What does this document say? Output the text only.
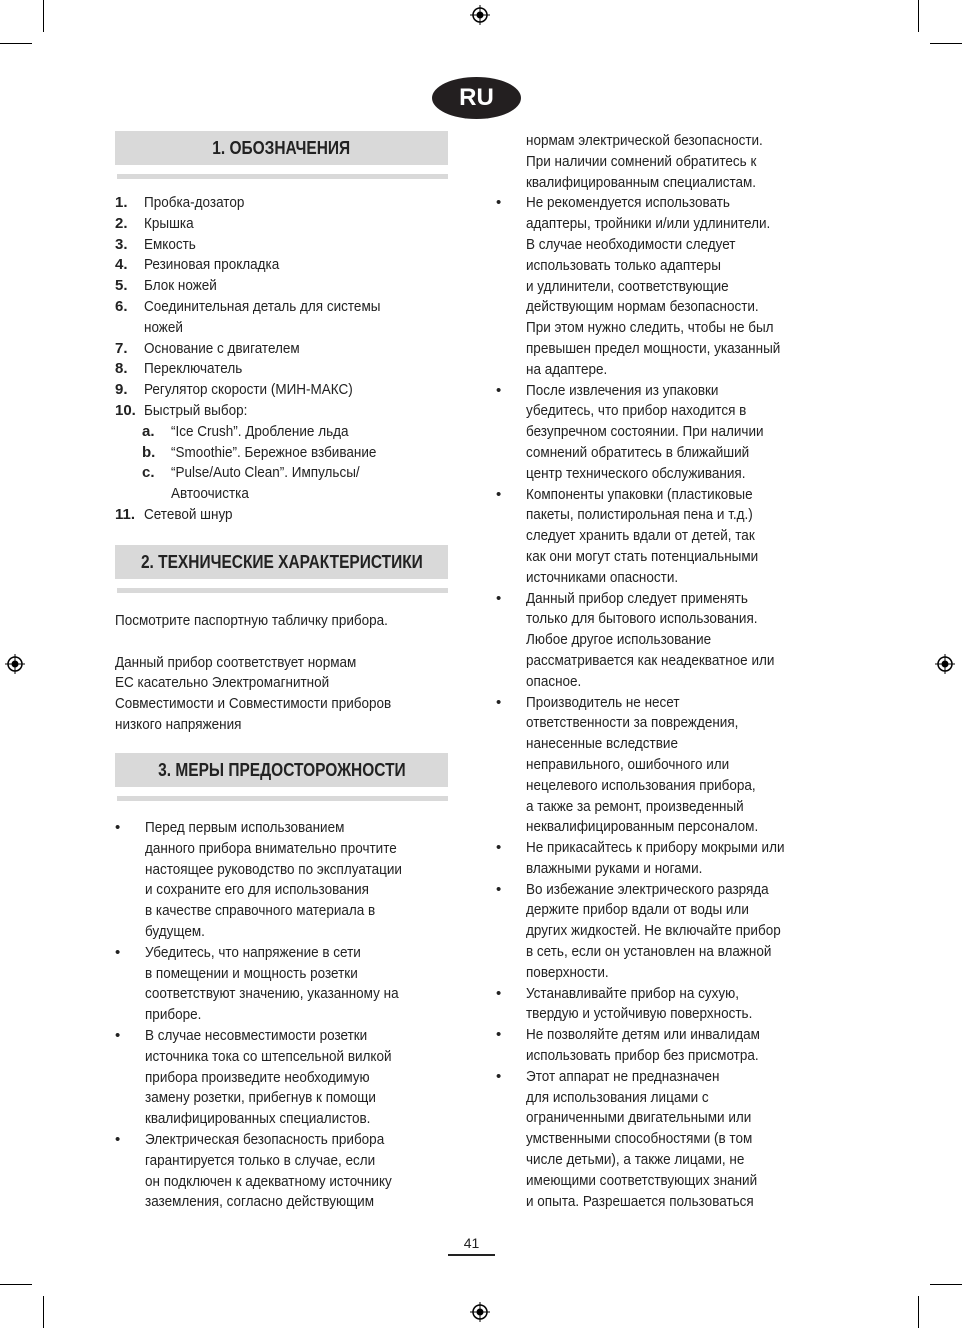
RU
1. ОБОЗНАЧЕНИЯ
1. Пробка-дозатор
2. Крышка
3. Емкость
4. Резиновая прокладка
5. Блок ножей
6. Соединительная деталь для системы
ножей
7. Основание с двигателем
8. Переключатель
9. Регулятор скорости (МИН-МАКС)
10. Быстрый выбор:
a. “Ice Crush”. Дробление льда
b. “Smoothie”. Бережное взбивание
c. “Pulse/Auto Clean”. Импульсы/
Автоочистка
11. Сетевой шнур
2. ТЕХНИЧЕСКИЕ ХАРАКТЕРИСТИКИ
Посмотрите паспортную табличку прибора.
Данный прибор соответствует нормам
ЕС касательно Электромагнитной
Совместимости и Совместимости приборов
низкого напряжения
3. МЕРЫ ПРЕДОСТОРОЖНОСТИ
• Перед первым использованием
данного прибора внимательно прочтите
настоящее руководство по эксплуатации
и сохраните его для использования
в качестве справочного материала в
будущем.
• Убедитесь, что напряжение в сети
в помещении и мощность розетки
соответствуют значению, указанному на
приборе.
• В случае несовместимости розетки
источника тока со штепсельной вилкой
прибора произведите необходимую
замену розетки, прибегнув к помощи
квалифицированных специалистов.
• Электрическая безопасность прибора
гарантируется только в случае, если
он подключен к адекватному источнику
заземления, согласно действующим
нормам электрической безопасности.
При наличии сомнений обратитесь к
квалифицированным специалистам.
• Не рекомендуется использовать
адаптеры, тройники и/или удлинители.
В случае необходимости следует
использовать только адаптеры
и удлинители, соответствующие
действующим нормам безопасности.
При этом нужно следить, чтобы не был
превышен предел мощности, указанный
на адаптере.
• После извлечения из упаковки
убедитесь, что прибор находится в
безупречном состоянии. При наличии
сомнений обратитесь в ближайший
центр технического обслуживания.
• Компоненты упаковки (пластиковые
пакеты, полистирольная пена и т.д.)
следует хранить вдали от детей, так
как они могут стать потенциальными
источниками опасности.
• Данный прибор следует применять
только для бытового использования.
Любое другое использование
рассматривается как неадекватное или
опасное.
• Производитель не несет
ответственности за повреждения,
нанесенные вследствие
неправильного, ошибочного или
нецелевого использования прибора,
а также за ремонт, произведенный
неквалифицированным персоналом.
• Не прикасайтесь к прибору мокрыми или
влажными руками и ногами.
• Во избежание электрического разряда
держите прибор вдали от воды или
других жидкостей. Не включайте прибор
в сеть, если он установлен на влажной
поверхности.
• Устанавливайте прибор на сухую,
твердую и устойчивую поверхность.
• Не позволяйте детям или инвалидам
использовать прибор без присмотра.
• Этот аппарат не предназначен
для использования лицами с
ограниченными двигательными или
умственными способностями (в том
числе детьми), а также лицами, не
имеющими соответствующих знаний
и опыта. Разрешается пользоваться
41
